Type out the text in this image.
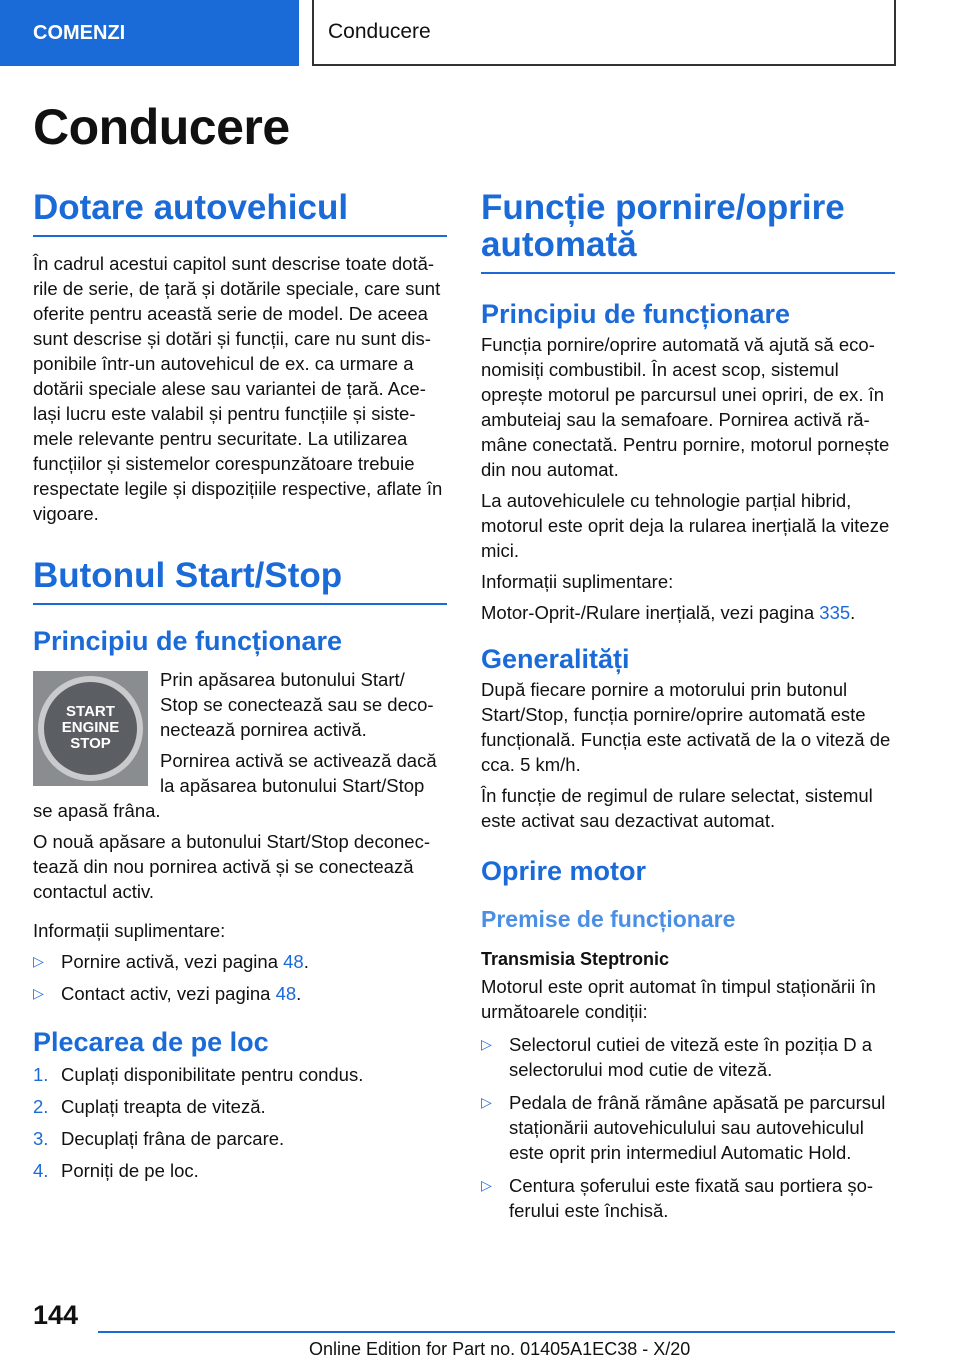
COMENZI	Conducere
Conducere
Dotare autovehicul

În cadrul acestui capitol sunt descrise toate dotările de serie, de țară și dotările speciale, care sunt oferite pentru această serie de model. De aceea sunt descrise și dotări și funcții, care nu sunt disponibile într-un autovehicul de ex. ca urmare a dotării speciale alese sau variantei de țară. Același lucru este valabil și pentru funcțiile și sistemele relevante pentru securitate. La utilizarea funcțiilor și sistemelor corespunzătoare trebuie respectate legile și dispozițiile respective, aflate în vigoare.

Butonul Start/Stop
Principiu de funcționare
START
ENGINE
STOP

Prin apăsarea butonului Start/ Stop se conectează sau se deconectează pornirea activă.

Pornirea activă se activează dacă la apăsarea butonului Start/Stop se apasă frâna.

O nouă apăsare a butonului Start/Stop deconectează din nou pornirea activă și se conectează contactul activ.

Informații suplimentare:

▷ Pornire activă, vezi pagina 48.
▷ Contact activ, vezi pagina 48.
Plecarea de pe loc
1. Cuplați disponibilitate pentru condus.
2. Cuplați treapta de viteză.
3. Decuplați frâna de parcare.
4. Porniți de pe loc.
Funcție pornire/oprire automată
Principiu de funcționare

Funcția pornire/oprire automată vă ajută să economisiți combustibil. În acest scop, sistemul oprește motorul pe parcursul unei opriri, de ex. în ambuteiaj sau la semafoare. Pornirea activă rămâne conectată. Pentru pornire, motorul pornește din nou automat.

La autovehiculele cu tehnologie parțial hibrid, motorul este oprit deja la rularea inerțială la viteze mici.

Informații suplimentare:

Motor-Oprit-/Rulare inerțială, vezi pagina 335.

Generalități

După fiecare pornire a motorului prin butonul Start/Stop, funcția pornire/oprire automată este funcțională. Funcția este activată de la o viteză de cca. 5 km/h.

În funcție de regimul de rulare selectat, sistemul este activat sau dezactivat automat.

Oprire motor
Premise de funcționare
Transmisia Steptronic

Motorul este oprit automat în timpul staționării în următoarele condiții:

▷ Selectorul cutiei de viteză este în poziția D a selectorului mod cutie de viteză.
▷ Pedala de frână rămâne apăsată pe parcursul staționării autovehiculului sau autovehiculul este oprit prin intermediul Automatic Hold.
▷ Centura șoferului este fixată sau portiera șoferului este închisă.
144
Online Edition for Part no. 01405A1EC38 - X/20
